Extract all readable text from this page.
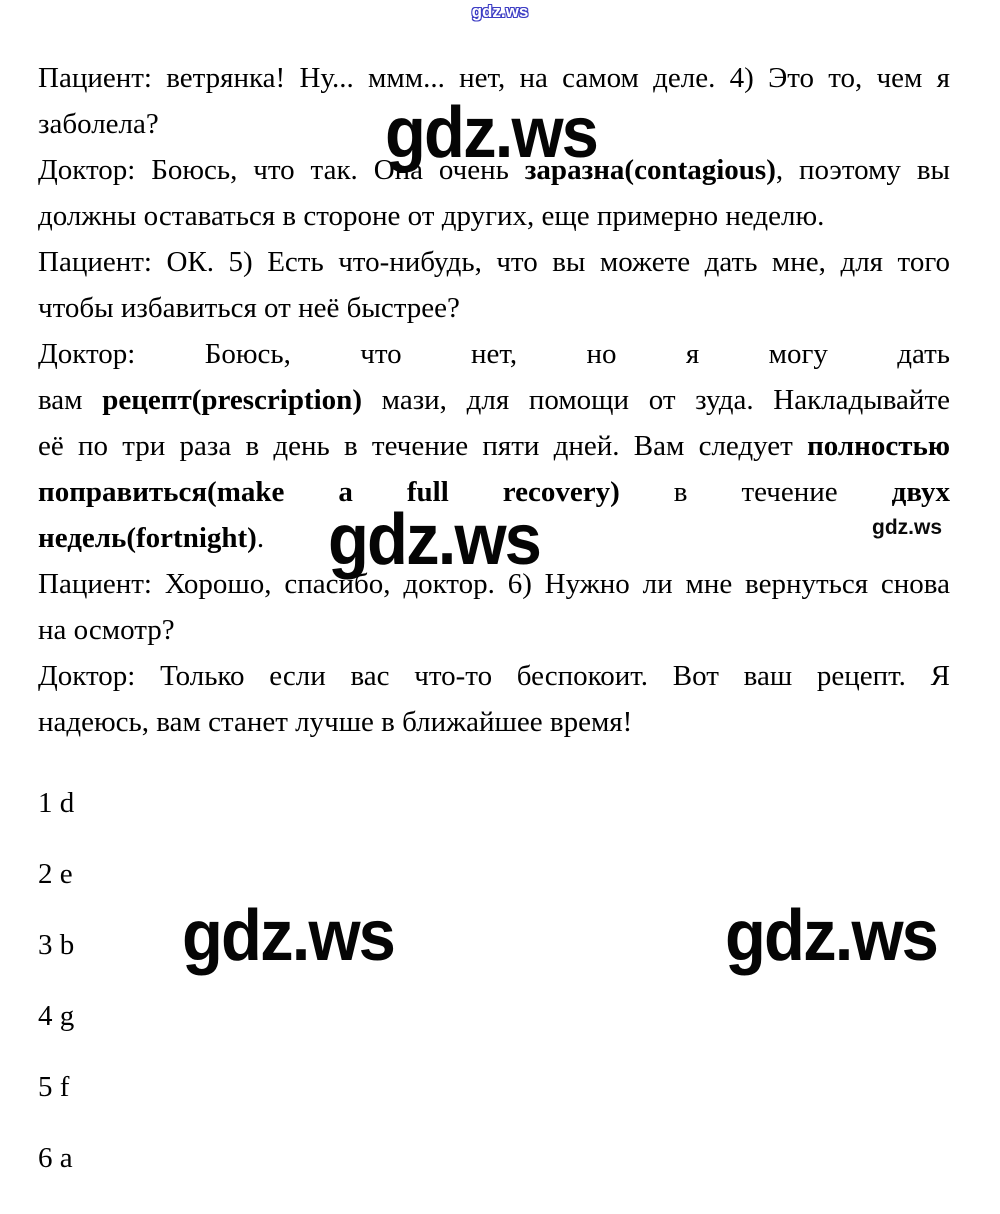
gdz.ws
Пациент: ветрянка! Ну... ммм... нет, на самом деле. 4) Это то, чем я
заболела?
Доктор: Боюсь, что так. Она очень заразна(contagious), поэтому вы
должны оставаться в стороне от других, еще примерно неделю.
Пациент: ОК. 5) Есть что-нибудь, что вы можете дать мне, для того
чтобы избавиться от неё быстрее?
Доктор: Боюсь, что нет, но я могу дать
вам рецепт(prescription) мази, для помощи от зуда. Накладывайте
её по три раза в день в течение пяти дней. Вам следует полностью
поправиться(make a full recovery) в течение двух
недель(fortnight).
Пациент: Хорошо, спасибо, доктор. 6) Нужно ли мне вернуться снова
на осмотр?
Доктор: Только если вас что-то беспокоит. Вот ваш рецепт. Я
надеюсь, вам станет лучше в ближайшее время!
gdz.ws
gdz.ws	gdz.ws
1 d
2 e
3 b
4 g
5 f
6 a
gdz.ws	gdz.ws
